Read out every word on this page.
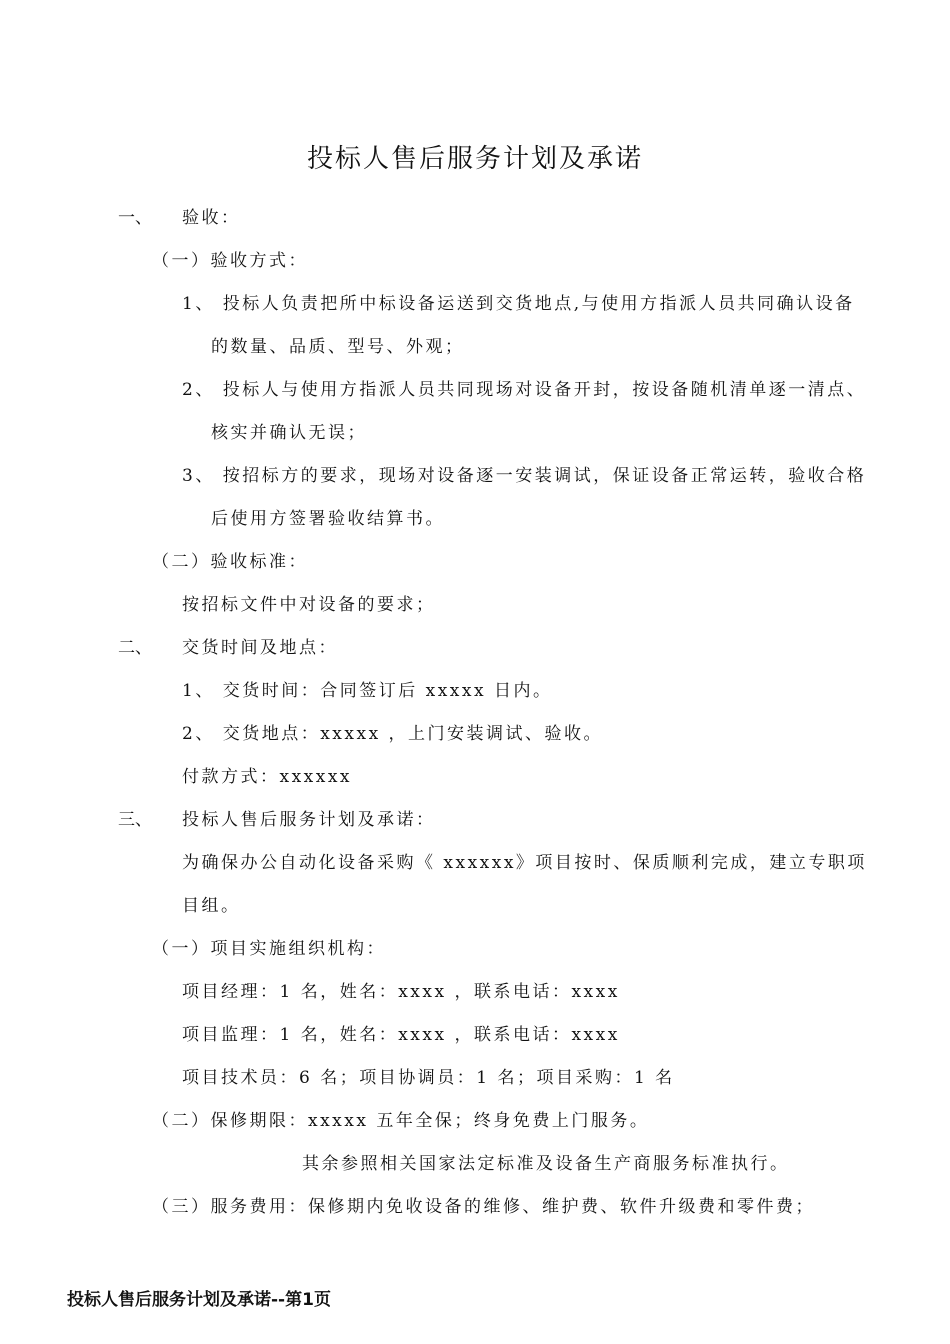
投标人售后服务计划及承诺
一、 验收：
（一）验收方式：
1、 投标人负责把所中标设备运送到交货地点,与使用方指派人员共同确认设备
的数量、品质、型号、外观；
2、 投标人与使用方指派人员共同现场对设备开封，按设备随机清单逐一清点、
核实并确认无误；
3、 按招标方的要求，现场对设备逐一安装调试，保证设备正常运转，验收合格
后使用方签署验收结算书。
（二）验收标准：
按招标文件中对设备的要求；
二、 交货时间及地点：
1、 交货时间：合同签订后 xxxxx 日内。
2、 交货地点：xxxxx ，上门安装调试、验收。
付款方式：xxxxxx
三、 投标人售后服务计划及承诺：
为确保办公自动化设备采购《 xxxxxx》项目按时、保质顺利完成，建立专职项
目组。
（一）项目实施组织机构：
项目经理：1 名，姓名：xxxx ，联系电话：xxxx
项目监理：1 名，姓名：xxxx ，联系电话：xxxx
项目技术员：6 名；项目协调员：1 名；项目采购：1 名
（二）保修期限：xxxxx 五年全保；终身免费上门服务。
其余参照相关国家法定标准及设备生产商服务标准执行。
（三）服务费用：保修期内免收设备的维修、维护费、软件升级费和零件费；
投标人售后服务计划及承诺--第1页
